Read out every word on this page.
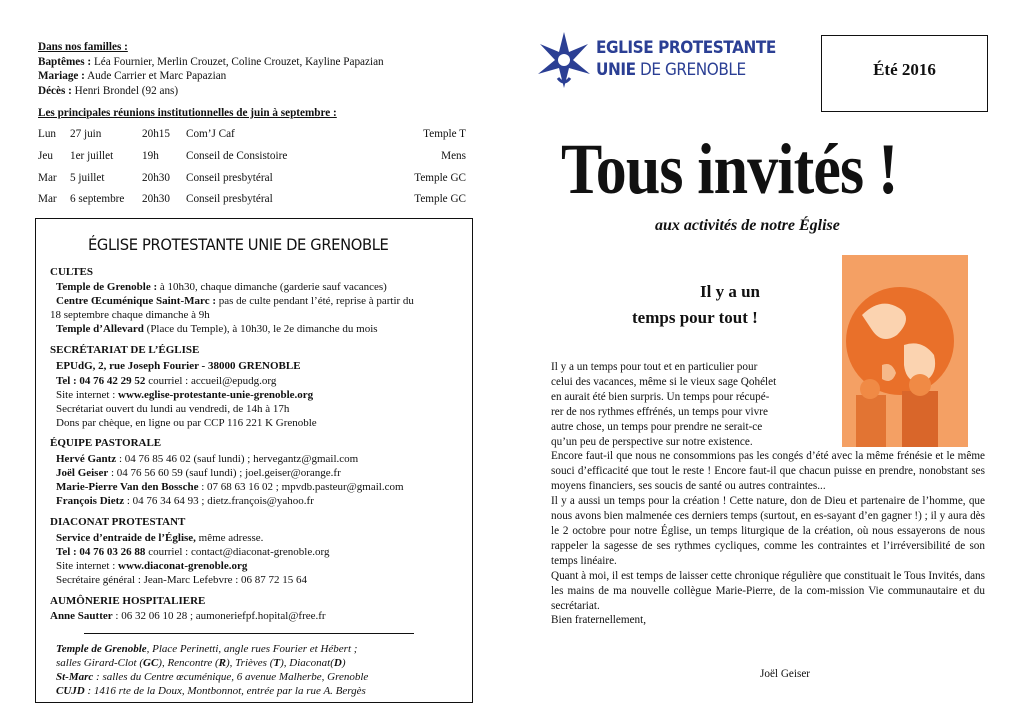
Dans nos familles :
Baptêmes : Léa Fournier, Merlin Crouzet, Coline Crouzet, Kayline Papazian
Mariage : Aude Carrier et Marc Papazian
Décès : Henri Brondel (92 ans)
Les principales réunions institutionnelles de juin à septembre :
Lun 27 juin	20h15 Com’J Caf	Temple T
Jeu 1er juillet	19h Conseil de Consistoire	Mens
Mar 5 juillet	20h30 Conseil presbytéral	Temple GC
Mar 6 septembre 20h30 Conseil presbytéral	Temple GC
ÉGLISE PROTESTANTE UNIE DE GRENOBLE
CULTES
Temple de Grenoble : à 10h30, chaque dimanche (garderie sauf vacances)
Centre Œcuménique Saint-Marc : pas de culte pendant l’été, reprise à partir du
18 septembre chaque dimanche à 9h
Temple d’Allevard (Place du Temple), à 10h30, le 2e dimanche du mois
SECRÉTARIAT DE L’ÉGLISE
EPUdG, 2, rue Joseph Fourier - 38000 GRENOBLE
Tel : 04 76 42 29 52 courriel : accueil@epudg.org
Site internet : www.eglise-protestante-unie-grenoble.org
Secrétariat ouvert du lundi au vendredi, de 14h à 17h
Dons par chèque, en ligne ou par CCP 116 221 K Grenoble
ÉQUIPE PASTORALE
Hervé Gantz : 04 76 85 46 02 (sauf lundi) ; hervegantz@gmail.com
Joël Geiser : 04 76 56 60 59 (sauf lundi) ; joel.geiser@orange.fr
Marie-Pierre Van den Bossche : 07 68 63 16 02 ; mpvdb.pasteur@gmail.com
François Dietz : 04 76 34 64 93 ; dietz.françois@yahoo.fr
DIACONAT PROTESTANT
Service d’entraide de l’Église, même adresse.
Tel : 04 76 03 26 88 courriel : contact@diaconat-grenoble.org
Site internet : www.diaconat-grenoble.org
Secrétaire général : Jean-Marc Lefebvre : 06 87 72 15 64
AUMÔNERIE HOSPITALIERE
Anne Sautter : 06 32 06 10 28 ; aumoneriefpf.hopital@free.fr
Temple de Grenoble, Place Perinetti, angle rues Fourier et Hébert ;
salles Girard-Clot (GC), Rencontre (R), Trièves (T), Diaconat(D)
St-Marc : salles du Centre œcuménique, 6 avenue Malherbe, Grenoble
CUJD : 1416 rte de la Doux, Montbonnot, entrée par la rue A. Bergès
EGLISE PROTESTANTE
UNIE DE GRENOBLE	Été 2016
Tous invités !
aux activités de notre Église
Il y a un
temps pour tout !
Il y a un temps pour tout et en particulier pour
celui des vacances, même si le vieux sage Qohélet
en aurait été bien surpris. Un temps pour récupé-
rer de nos rythmes effrénés, un temps pour vivre
autre chose, un temps pour prendre ne serait-ce
qu’un peu de perspective sur notre existence.
Encore faut-il que nous ne consommions pas les congés d’été avec la même frénésie et le même souci d’efficacité que tout le reste ! Encore faut-il que chacun puisse en prendre, nonobstant ses moyens financiers, ses soucis de santé ou autres contraintes...
Il y a aussi un temps pour la création ! Cette nature, don de Dieu et partenaire de l’homme, que nous avons bien malmenée ces derniers temps (surtout, en es-sayant d’en gagner !) ; il y aura dès le 2 octobre pour notre Église, un temps liturgique de la création, où nous essayerons de nous rappeler la sagesse de ses rythmes cycliques, comme les contraintes et l’irréversibilité de son temps linéaire.
Quant à moi, il est temps de laisser cette chronique régulière que constituait le Tous Invités, dans les mains de ma nouvelle collègue Marie-Pierre, de la com-mission Vie communautaire et du secrétariat.
Bien fraternellement,
Joël Geiser
